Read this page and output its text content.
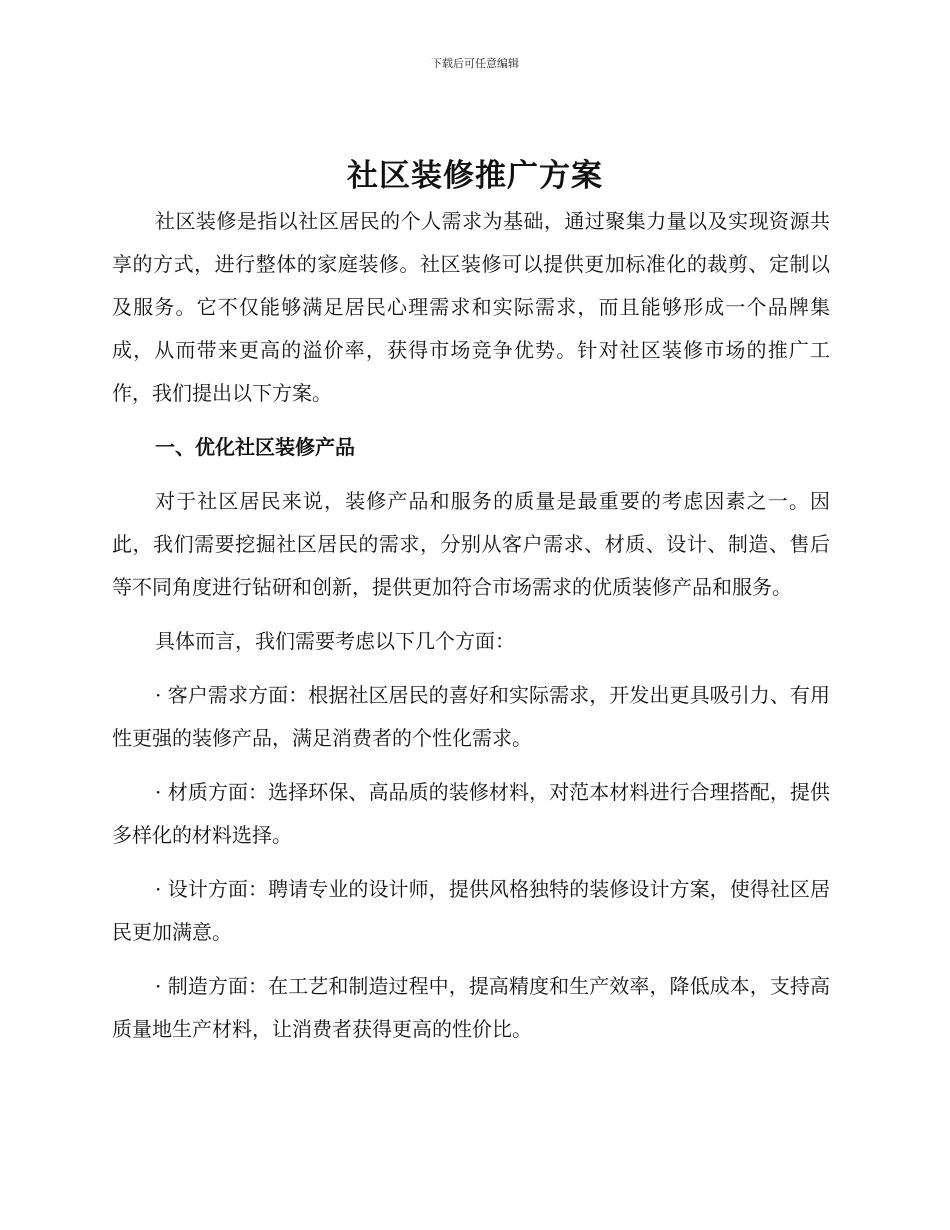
下载后可任意编辑
社区装修推广方案

社区装修是指以社区居民的个人需求为基础，通过聚集力量以及实现资源共享的方式，进行整体的家庭装修。社区装修可以提供更加标准化的裁剪、定制以及服务。它不仅能够满足居民心理需求和实际需求，而且能够形成一个品牌集成，从而带来更高的溢价率，获得市场竞争优势。针对社区装修市场的推广工作，我们提出以下方案。

一、优化社区装修产品

对于社区居民来说，装修产品和服务的质量是最重要的考虑因素之一。因此，我们需要挖掘社区居民的需求，分别从客户需求、材质、设计、制造、售后等不同角度进行钻研和创新，提供更加符合市场需求的优质装修产品和服务。

具体而言，我们需要考虑以下几个方面：

· 客户需求方面：根据社区居民的喜好和实际需求，开发出更具吸引力、有用性更强的装修产品，满足消费者的个性化需求。

· 材质方面：选择环保、高品质的装修材料，对范本材料进行合理搭配，提供多样化的材料选择。

· 设计方面：聘请专业的设计师，提供风格独特的装修设计方案，使得社区居民更加满意。

· 制造方面：在工艺和制造过程中，提高精度和生产效率，降低成本，支持高质量地生产材料，让消费者获得更高的性价比。
